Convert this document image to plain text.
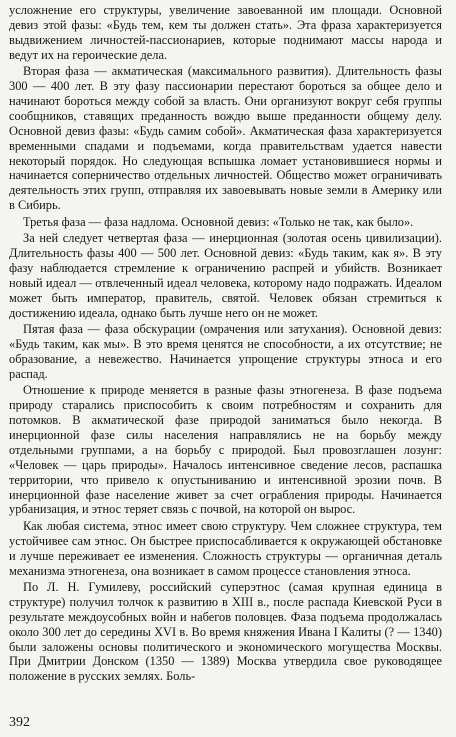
усложнение его структуры, увеличение завоеванной им площади. Основной девиз этой фазы: «Будь тем, кем ты должен стать». Эта фраза характеризуется выдвижением личностей-пассионариев, которые поднимают массы народа и ведут их на героические дела.

Вторая фаза — акматическая (максимального развития). Длительность фазы 300 — 400 лет. В эту фазу пассионарии перестают бороться за общее дело и начинают бороться между собой за власть. Они организуют вокруг себя группы сообщников, ставящих преданность вождю выше преданности общему делу. Основной девиз фазы: «Будь самим собой». Акматическая фаза характеризуется временными спадами и подъемами, когда правительствам удается навести некоторый порядок. Но следующая вспышка ломает установившиеся нормы и начинается соперничество отдельных личностей. Общество может ограничивать деятельность этих групп, отправляя их завоевывать новые земли в Америку или в Сибирь.

Третья фаза — фаза надлома. Основной девиз: «Только не так, как было».

За ней следует четвертая фаза — инерционная (золотая осень цивилизации). Длительность фазы 400 — 500 лет. Основной девиз: «Будь таким, как я». В эту фазу наблюдается стремление к ограничению распрей и убийств. Возникает новый идеал — отвлеченный идеал человека, которому надо подражать. Идеалом может быть император, правитель, святой. Человек обязан стремиться к достижению идеала, однако быть лучше него он не может.

Пятая фаза — фаза обскурации (омрачения или затухания). Основной девиз: «Будь таким, как мы». В это время ценятся не способности, а их отсутствие; не образование, а невежество. Начинается упрощение структуры этноса и его распад.

Отношение к природе меняется в разные фазы этногенеза. В фазе подъема природу старались приспособить к своим потребностям и сохранить для потомков. В акматической фазе природой заниматься было некогда. В инерционной фазе силы населения направлялись не на борьбу между отдельными группами, а на борьбу с природой. Был провозглашен лозунг: «Человек — царь природы». Началось интенсивное сведение лесов, распашка территории, что привело к опустыниванию и интенсивной эрозии почв. В инерционной фазе население живет за счет ограбления природы. Начинается урбанизация, и этнос теряет связь с почвой, на которой он вырос.

Как любая система, этнос имеет свою структуру. Чем сложнее структура, тем устойчивее сам этнос. Он быстрее приспосабливается к окружающей обстановке и лучше переживает ее изменения. Сложность структуры — органичная деталь механизма этногенеза, она возникает в самом процессе становления этноса.

По Л. Н. Гумилеву, российский суперэтнос (самая крупная единица в структуре) получил толчок к развитию в XIII в., после распада Киевской Руси в результате междоусобных войн и набегов половцев. Фаза подъема продолжалась около 300 лет до середины XVI в. Во время княжения Ивана I Калиты (? — 1340) были заложены основы политического и экономического могущества Москвы. При Дмитрии Донском (1350 — 1389) Москва утвердила свое руководящее положение в русских землях. Боль-

392
